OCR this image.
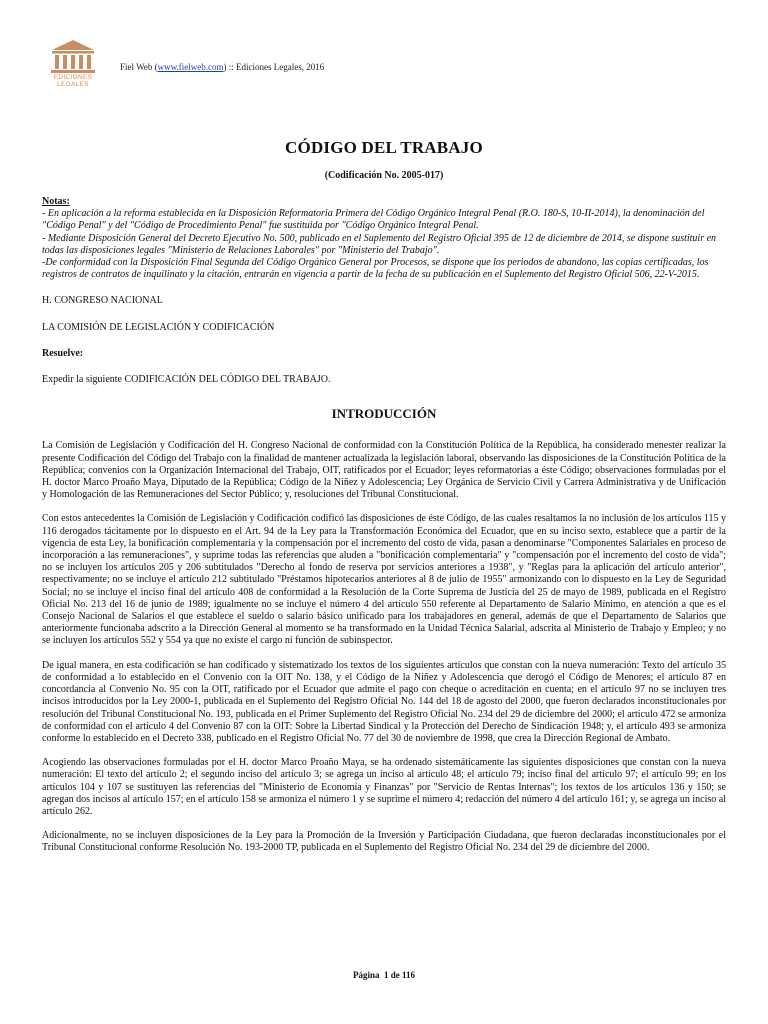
EDICIONES
LEGALES
Fiel Web (www.fielweb.com) :: Ediciones Legales, 2016
CÓDIGO DEL TRABAJO
(Codificación No. 2005-017)
Notas:

- En aplicación a la reforma establecida en la Disposición Reformatoria Primera del Código Orgánico Integral Penal (R.O. 180-S, 10-II-2014), la denominación del "Código Penal" y del "Código de Procedimiento Penal" fue sustituida por "Código Orgánico Integral Penal.

- Mediante Disposición General del Decreto Ejecutivo No. 500, publicado en el Suplemento del Registro Oficial 395 de 12 de diciembre de 2014, se dispone sustituir en todas las disposiciones legales "Ministerio de Relaciones Laborales" por "Ministerio del Trabajo".

-De conformidad con la Disposición Final Segunda del Código Orgánico General por Procesos, se dispone que los periodos de abandono, las copias certificadas, los registros de contratos de inquilinato y la citación, entrarán en vigencia a partir de la fecha de su publicación en el Suplemento del Registro Oficial 506, 22-V-2015.

H. CONGRESO NACIONAL

LA COMISIÓN DE LEGISLACIÓN Y CODIFICACIÓN

Resuelve:

Expedir la siguiente CODIFICACIÓN DEL CÓDIGO DEL TRABAJO.

INTRODUCCIÓN

La Comisión de Legislación y Codificación del H. Congreso Nacional de conformidad con la Constitución Política de la República, ha considerado menester realizar la presente Codificación del Código del Trabajo con la finalidad de mantener actualizada la legislación laboral, observando las disposiciones de la Constitución Política de la República; convenios con la Organización Internacional del Trabajo, OIT, ratificados por el Ecuador; leyes reformatorias a éste Código; observaciones formuladas por el H. doctor Marco Proaño Maya, Diputado de la República; Código de la Niñez y Adolescencia; Ley Orgánica de Servicio Civil y Carrera Administrativa y de Unificación y Homologación de las Remuneraciones del Sector Público; y, resoluciones del Tribunal Constitucional.

Con estos antecedentes la Comisión de Legislación y Codificación codificó las disposiciones de éste Código, de las cuales resaltamos la no inclusión de los artículos 115 y 116 derogados tácitamente por lo dispuesto en el Art. 94 de la Ley para la Transformación Económica del Ecuador, que en su inciso sexto, establece que a partir de la vigencia de esta Ley, la bonificación complementaria y la compensación por el incremento del costo de vida, pasan a denominarse "Componentes Salariales en proceso de incorporación a las remuneraciones", y suprime todas las referencias que aluden a "bonificación complementaria" y "compensación por el incremento del costo de vida"; no se incluyen los artículos 205 y 206 subtitulados "Derecho al fondo de reserva por servicios anteriores a 1938", y "Reglas para la aplicación del artículo anterior", respectivamente; no se incluye el artículo 212 subtitulado "Préstamos hipotecarios anteriores al 8 de julio de 1955" armonizando con lo dispuesto en la Ley de Seguridad Social; no se incluye el inciso final del artículo 408 de conformidad a la Resolución de la Corte Suprema de Justicia del 25 de mayo de 1989, publicada en el Registro Oficial No. 213 del 16 de junio de 1989; igualmente no se incluye el número 4 del artículo 550 referente al Departamento de Salario Mínimo, en atención a que es el Consejo Nacional de Salarios el que establece el sueldo o salario básico unificado para los trabajadores en general, además de que el Departamento de Salarios que anteriormente funcionaba adscrito a la Dirección General al momento se ha transformado en la Unidad Técnica Salarial, adscrita al Ministerio de Trabajo y Empleo; y no se incluyen los artículos 552 y 554 ya que no existe el cargo ni función de subinspector.

De igual manera, en esta codificación se han codificado y sistematizado los textos de los siguientes artículos que constan con la nueva numeración: Texto del artículo 35 de conformidad a lo establecido en el Convenio con la OIT No. 138, y el Código de la Niñez y Adolescencia que derogó el Código de Menores; el artículo 87 en concordancia al Convenio No. 95 con la OIT, ratificado por el Ecuador que admite el pago con cheque o acreditación en cuenta; en el artículo 97 no se incluyen tres incisos introducidos por la Ley 2000-1, publicada en el Suplemento del Registro Oficial No. 144 del 18 de agosto del 2000, que fueron declarados inconstitucionales por resolución del Tribunal Constitucional No. 193, publicada en el Primer Suplemento del Registro Oficial No. 234 del 29 de diciembre del 2000; el artículo 472 se armoniza de conformidad con el artículo 4 del Convenio 87 con la OIT: Sobre la Libertad Sindical y la Protección del Derecho de Sindicación 1948; y, el artículo 493 se armoniza conforme lo establecido en el Decreto 338, publicado en el Registro Oficial No. 77 del 30 de noviembre de 1998, que crea la Dirección Regional de Ambato.

Acogiendo las observaciones formuladas por el H. doctor Marco Proaño Maya, se ha ordenado sistemáticamente las siguientes disposiciones que constan con la nueva numeración: El texto del artículo 2; el segundo inciso del artículo 3; se agrega un inciso al artículo 48; el artículo 79; inciso final del artículo 97; el artículo 99; en los artículos 104 y 107 se sustituyen las referencias del "Ministerio de Economía y Finanzas" por "Servicio de Rentas Internas"; los textos de los artículos 136 y 150; se agregan dos incisos al artículo 157; en el artículo 158 se armoniza el número 1 y se suprime el número 4; redacción del número 4 del artículo 161; y, se agrega un inciso al artículo 262.

Adicionalmente, no se incluyen disposiciones de la Ley para la Promoción de la Inversión y Participación Ciudadana, que fueron declaradas inconstitucionales por el Tribunal Constitucional conforme Resolución No. 193-2000 TP, publicada en el Suplemento del Registro Oficial No. 234 del 29 de diciembre del 2000.

Página 1 de 116
